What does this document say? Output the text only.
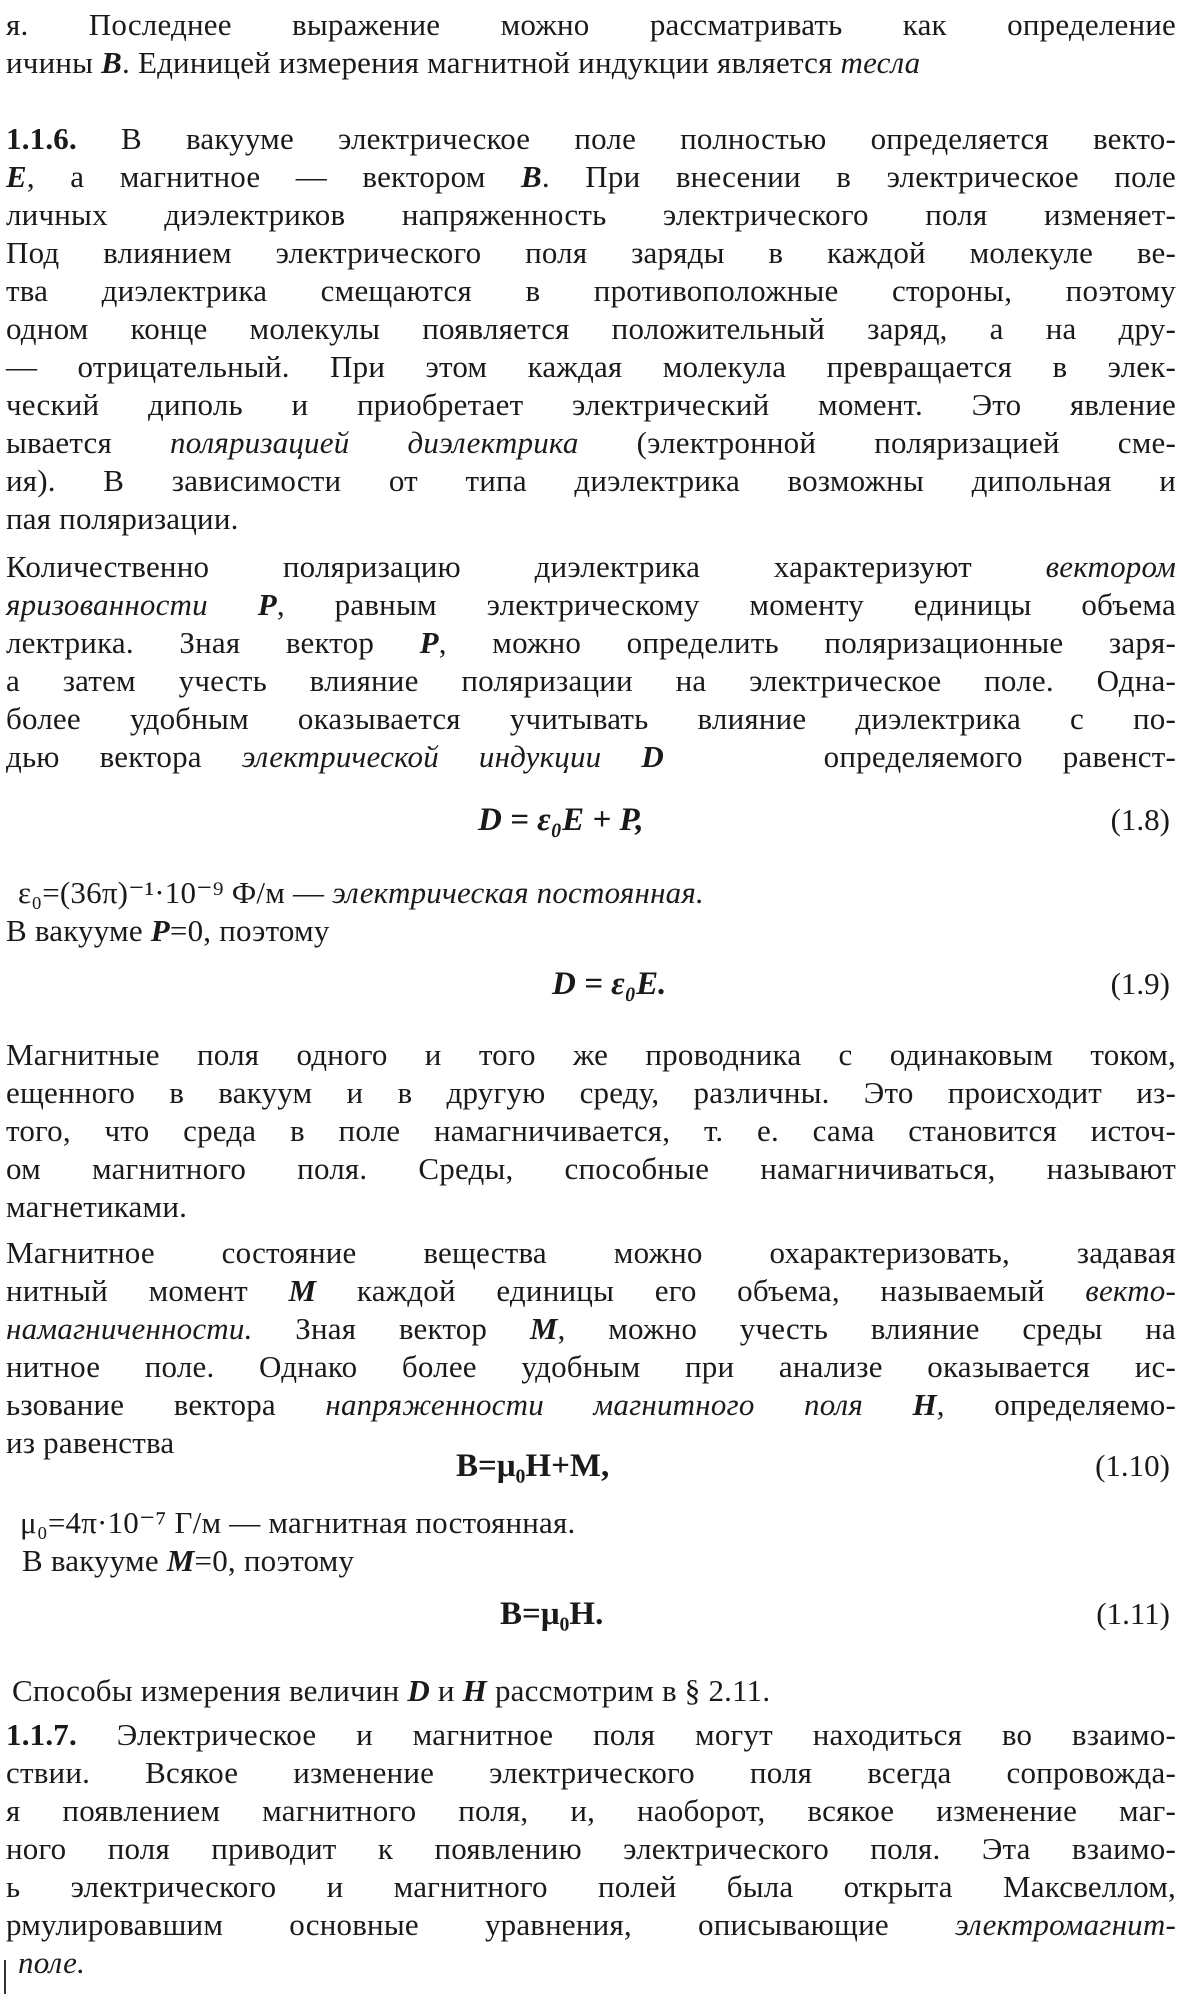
я. Последнее выражение можно рассматривать как определение
ичины B. Единицей измерения магнитной индукции является тесла
1.1.6. В вакууме электрическое поле полностью определяется векто-
E, а магнитное — вектором B. При внесении в электрическое поле
личных диэлектриков напряженность электрического поля изменяет-
Под влиянием электрического поля заряды в каждой молекуле ве-
тва диэлектрика смещаются в противоположные стороны, поэтому
одном конце молекулы появляется положительный заряд, а на дру-
— отрицательный. При этом каждая молекула превращается в элек-
ческий диполь и приобретает электрический момент. Это явление
ывается поляризацией диэлектрика (электронной поляризацией сме-
ия). В зависимости от типа диэлектрика возможны дипольная и
пая поляризации.
Количественно поляризацию диэлектрика характеризуют вектором
яризованности P, равным электрическому моменту единицы объема
лектрика. Зная вектор P, можно определить поляризационные заря-
а затем учесть влияние поляризации на электрическое поле. Одна-
более удобным оказывается учитывать влияние диэлектрика с по-
дью вектора электрической индукции D	определяемого равенст-
D = ε₀E + P,	(1.8)
ε₀=(36π)⁻¹·10⁻⁹ Ф/м — электрическая постоянная.
В вакууме P=0, поэтому
D = ε₀E.	(1.9)
Магнитные поля одного и того же проводника с одинаковым током,
ещенного в вакуум и в другую среду, различны. Это происходит из-
того, что среда в поле намагничивается, т. е. сама становится источ-
ом магнитного поля. Среды, способные намагничиваться, называют
магнетиками.
Магнитное состояние вещества можно охарактеризовать, задавая
нитный момент M каждой единицы его объема, называемый векто-
намагниченности. Зная вектор M, можно учесть влияние среды на
нитное поле. Однако более удобным при анализе оказывается ис-
ьзование вектора напряженности магнитного поля H, определяемо-
из равенства
B=μ₀H+M,	(1.10)
μ₀=4π·10⁻⁷ Г/м — магнитная постоянная.
В вакууме M=0, поэтому
B=μ₀H.	(1.11)
Способы измерения величин D и H рассмотрим в § 2.11.
1.1.7. Электрическое и магнитное поля могут находиться во взаимо-
ствии. Всякое изменение электрического поля всегда сопровожда-
я появлением магнитного поля, и, наоборот, всякое изменение маг-
ного поля приводит к появлению электрического поля. Эта взаимо-
ь электрического и магнитного полей была открыта Максвеллом,
рмулировавшим основные уравнения, описывающие электромагнит-
поле.
